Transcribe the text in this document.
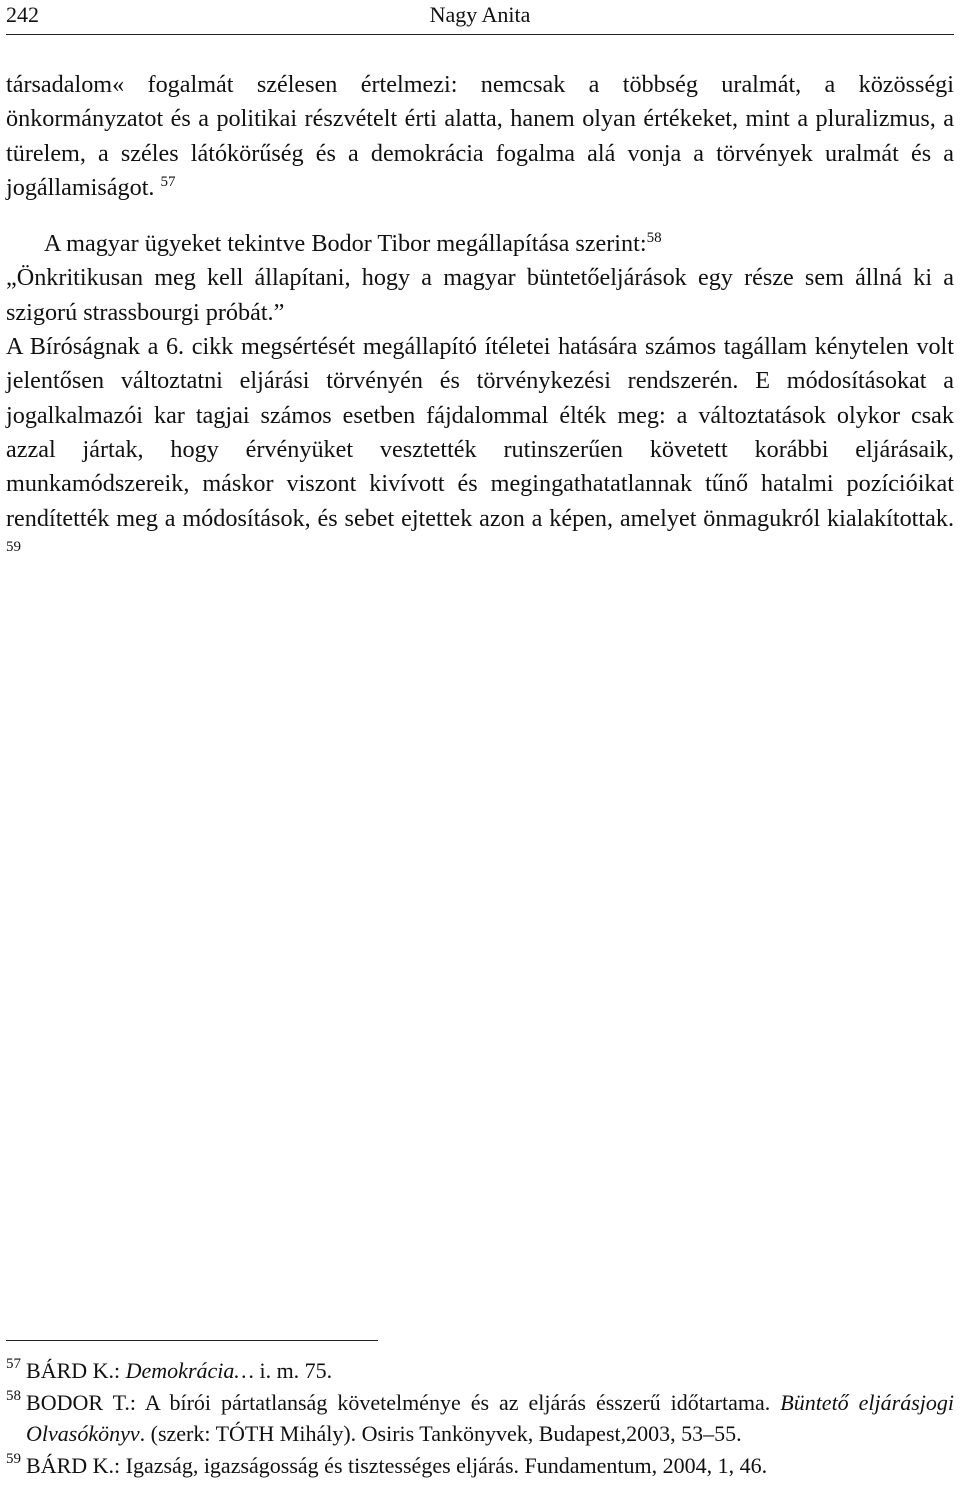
242	Nagy Anita

társadalom« fogalmát szélesen értelmezi: nemcsak a többség uralmát, a közösségi önkormányzatot és a politikai részvételt érti alatta, hanem olyan értékeket, mint a pluralizmus, a türelem, a széles látókörűség és a demokrácia fogalma alá vonja a törvények uralmát és a jogállamiságot. $^{57}$

A magyar ügyeket tekintve Bodor Tibor megállapítása szerint:$^{58}$

„Önkritikusan meg kell állapítani, hogy a magyar büntetőeljárások egy része sem állná ki a szigorú strassbourgi próbát.”

A Bíróságnak a 6. cikk megsértését megállapító ítéletei hatására számos tagállam kénytelen volt jelentősen változtatni eljárási törvényén és törvénykezési rendszerén. E módosításokat a jogalkalmazói kar tagjai számos esetben fájdalommal élték meg: a változtatások olykor csak azzal jártak, hogy érvényüket vesztették rutinszerűen követett korábbi eljárásaik, munkamódszereik, máskor viszont kivívott és megingathatatlannak tűnő hatalmi pozícióikat rendítették meg a módosítások, és sebet ejtettek azon a képen, amelyet önmagukról kialakítottak. $^{59}$

57 BÁRD K.: Demokrácia… i. m. 75.
58 BODOR T.: A bírói pártatlanság követelménye és az eljárás ésszerű időtartama. Büntető eljárásjogi Olvasókönyv. (szerk: TÓTH Mihály). Osiris Tankönyvek, Budapest,2003, 53–55.
59 BÁRD K.: Igazság, igazságosság és tisztességes eljárás. Fundamentum, 2004, 1, 46.
